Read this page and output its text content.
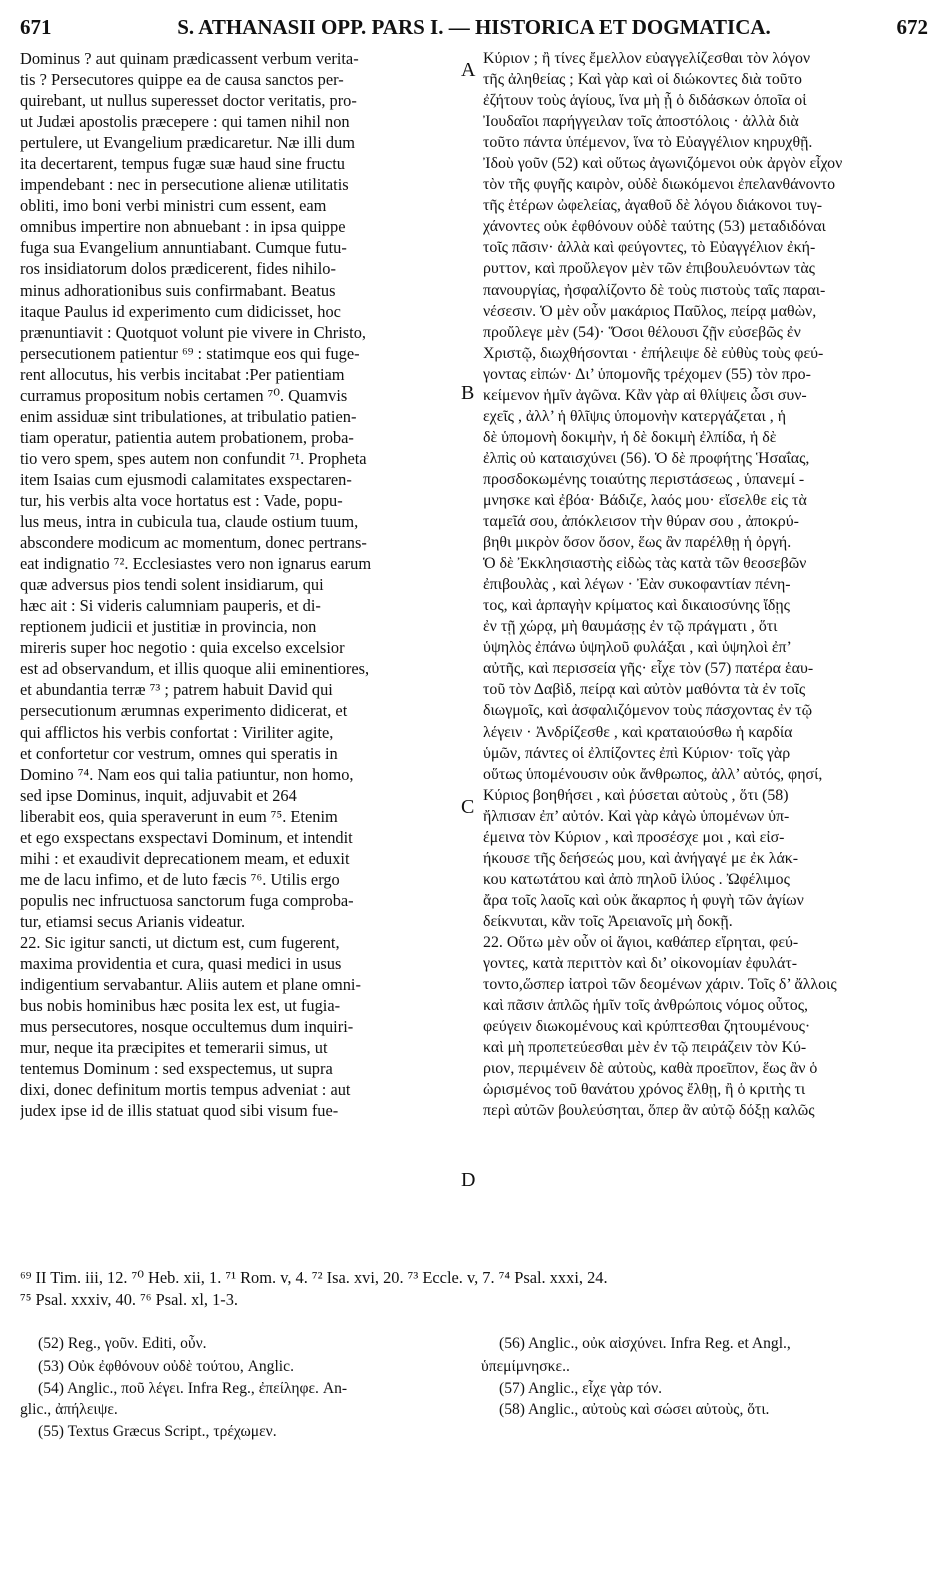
671	S. ATHANASII OPP. PARS I. — HISTORICA ET DOGMATICA.	672
Dominus ? aut quinam prædicassent verbum verita-
tis ? Persecutores quippe ea de causa sanctos per-
quirebant, ut nullus superesset doctor veritatis, pro-
ut Judæi apostolis præcepere : qui tamen nihil non
pertulere, ut Evangelium prædicaretur. Næ illi dum
ita decertarent, tempus fugæ suæ haud sine fructu
impendebant : nec in persecutione alienæ utilitatis
obliti, imo boni verbi ministri cum essent, eam
omnibus impertire non abnuebant : in ipsa quippe
fuga sua Evangelium annuntiabant. Cumque futu-
ros insidiatorum dolos prædicerent, fides nihilo-
minus adhorationibus suis confirmabant. Beatus
itaque Paulus id experimento cum didicisset, hoc
prænuntiavit : Quotquot volunt pie vivere in Christo,
persecutionem patientur ⁶⁹ : statimque eos qui fuge-
rent allocutus, his verbis incitabat :Per patientiam
curramus propositum nobis certamen ⁷⁰. Quamvis
enim assiduæ sint tribulationes, at tribulatio patien-
tiam operatur, patientia autem probationem, proba-
tio vero spem, spes autem non confundit ⁷¹. Propheta
item Isaias cum ejusmodi calamitates exspectaren-
tur, his verbis alta voce hortatus est : Vade, popu-
lus meus, intra in cubicula tua, claude ostium tuum,
abscondere modicum ac momentum, donec pertrans-
eat indignatio ⁷². Ecclesiastes vero non ignarus earum
quæ adversus pios tendi solent insidiarum, qui
hæc ait : Si videris calumniam pauperis, et di-
reptionem judicii et justitiæ in provincia, non
mireris super hoc negotio : quia excelso excelsior
est ad observandum, et illis quoque alii eminentiores,
et abundantia terræ ⁷³ ; patrem habuit David qui
persecutionum ærumnas experimento didicerat, et
qui afflictos his verbis confortat : Viriliter agite,
et confortetur cor vestrum, omnes qui speratis in
Domino ⁷⁴. Nam eos qui talia patiuntur, non homo,
sed ipse Dominus, inquit, adjuvabit et 264
liberabit eos, quia speraverunt in eum ⁷⁵. Etenim
et ego exspectans exspectavi Dominum, et intendit
mihi : et exaudivit deprecationem meam, et eduxit
me de lacu infimo, et de luto fæcis ⁷⁶. Utilis ergo
populis nec infructuosa sanctorum fuga comproba-
tur, etiamsi secus Arianis videatur.
22. Sic igitur sancti, ut dictum est, cum fugerent,
maxima providentia et cura, quasi medici in usus
indigentium servabantur. Aliis autem et plane omni-
bus nobis hominibus hæc posita lex est, ut fugia-
mus persecutores, nosque occultemus dum inquiri-
mur, neque ita præcipites et temerarii simus, ut
tentemus Dominum : sed exspectemus, ut supra
dixi, donec definitum mortis tempus adveniat : aut
judex ipse id de illis statuat quod sibi visum fue-
Κύριον ; ἢ τίνες ἔμελλον εὐαγγελίζεσθαι τὸν λόγον
τῆς ἀληθείας ; Καὶ γὰρ καὶ οἱ διώκοντες διὰ τοῦτο
ἐζήτουν τοὺς ἁγίους, ἵνα μὴ ᾖ ὁ διδάσκων ὁποῖα οἱ
Ἰουδαῖοι παρήγγειλαν τοῖς ἀποστόλοις · ἀλλὰ διὰ
τοῦτο πάντα ὑπέμενον, ἵνα τὸ Εὐαγγέλιον κηρυχθῇ.
Ἰδοὺ γοῦν (52) καὶ οὕτως ἀγωνιζόμενοι οὐκ ἀργὸν εἶχον
τὸν τῆς φυγῆς καιρὸν, οὐδὲ διωκόμενοι ἐπελανθάνοντο
τῆς ἑτέρων ὠφελείας, ἀγαθοῦ δὲ λόγου διάκονοι τυγ-
χάνοντες οὐκ ἐφθόνουν οὐδὲ ταύτης (53) μεταδιδόναι
τοῖς πᾶσιν· ἀλλὰ καὶ φεύγοντες, τὸ Εὐαγγέλιον ἐκή-
ρυττον, καὶ προὔλεγον μὲν τῶν ἐπιβουλευόντων τὰς
πανουργίας, ἠσφαλίζοντο δὲ τοὺς πιστοὺς ταῖς παραι-
νέσεσιν. Ὁ μὲν οὖν μακάριος Παῦλος, πείρᾳ μαθὼν,
προὔλεγε μὲν (54)· Ὅσοι θέλουσι ζῇν εὐσεβῶς ἐν
Χριστῷ, διωχθήσονται · ἐπήλειψε δὲ εὐθὺς τοὺς φεύ-
γοντας εἰπών· Δι’ ὑπομονῆς τρέχομεν (55) τὸν προ-
κείμενον ἡμῖν ἀγῶνα. Κἂν γὰρ αἱ θλίψεις ὦσι συν-
εχεῖς , ἀλλ’ ἡ θλῖψις ὑπομονὴν κατεργάζεται , ἡ
δὲ ὑπομονὴ δοκιμὴν, ἡ δὲ δοκιμὴ ἐλπίδα, ἡ δὲ
ἐλπὶς οὐ καταισχύνει (56). Ὁ δὲ προφήτης Ἡσαΐας,
προσδοκωμένης τοιαύτης περιστάσεως , ὑπανεμί -
μνησκε καὶ ἐβόα· Βάδιζε, λαός μου· εἴσελθε εἰς τὰ
ταμεῖά σου, ἀπόκλεισον τὴν θύραν σου , ἀποκρύ-
βηθι μικρὸν ὅσον ὅσον, ἕως ἂν παρέλθῃ ἡ ὀργή.
Ὁ δὲ Ἐκκλησιαστὴς εἰδὼς τὰς κατὰ τῶν θεοσεβῶν
ἐπιβουλὰς , καὶ λέγων · Ἐὰν συκοφαντίαν πένη-
τος, καὶ ἁρπαγὴν κρίματος καὶ δικαιοσύνης ἴδῃς
ἐν τῇ χώρᾳ, μὴ θαυμάσῃς ἐν τῷ πράγματι , ὅτι
ὑψηλὸς ἐπάνω ὑψηλοῦ φυλάξαι , καὶ ὑψηλοὶ ἐπ’
αὐτῆς, καὶ περισσεία γῆς· εἶχε τὸν (57) πατέρα ἑαυ-
τοῦ τὸν Δαβὶδ, πείρᾳ καὶ αὐτὸν μαθόντα τὰ ἐν τοῖς
διωγμοῖς, καὶ ἀσφαλιζόμενον τοὺς πάσχοντας ἐν τῷ
λέγειν · Ἀνδρίζεσθε , καὶ κραταιούσθω ἡ καρδία
ὑμῶν, πάντες οἱ ἐλπίζοντες ἐπὶ Κύριον· τοῖς γὰρ
οὕτως ὑπομένουσιν οὐκ ἄνθρωπος, ἀλλ’ αὐτός, φησί,
Κύριος βοηθήσει , καὶ ῥύσεται αὐτοὺς , ὅτι (58)
ἤλπισαν ἐπ’ αὐτόν. Καὶ γὰρ κἀγὼ ὑπομένων ὑπ-
έμεινα τὸν Κύριον , καὶ προσέσχε μοι , καὶ εἰσ-
ήκουσε τῆς δεήσεώς μου, καὶ ἀνήγαγέ με ἐκ λάκ-
κου κατωτάτου καὶ ἀπὸ πηλοῦ ἰλύος . Ὠφέλιμος
ἄρα τοῖς λαοῖς καὶ οὐκ ἄκαρπος ἡ φυγὴ τῶν ἁγίων
δείκνυται, κἂν τοῖς Ἀρειανοῖς μὴ δοκῇ.
22. Οὕτω μὲν οὖν οἱ ἅγιοι, καθάπερ εἴρηται, φεύ-
γοντες, κατὰ περιττὸν καὶ δι’ οἰκονομίαν ἐφυλάτ-
τοντο,ὥσπερ ἰατροὶ τῶν δεομένων χάριν. Τοῖς δ’ ἄλλοις
καὶ πᾶσιν ἁπλῶς ἡμῖν τοῖς ἀνθρώποις νόμος οὗτος,
φεύγειν διωκομένους καὶ κρύπτεσθαι ζητουμένους·
καὶ μὴ προπετεύεσθαι μὲν ἐν τῷ πειράζειν τὸν Κύ-
ριον, περιμένειν δὲ αὐτοὺς, καθὰ προεῖπον, ἕως ἂν ὁ
ὡρισμένος τοῦ θανάτου χρόνος ἔλθῃ, ἢ ὁ κριτὴς τι
περὶ αὐτῶν βουλεύσηται, ὅπερ ἂν αὐτῷ δόξῃ καλῶς
A
B
C
D
⁶⁹ II Tim. iii, 12. ⁷⁰ Heb. xii, 1. ⁷¹ Rom. v, 4. ⁷² Isa. xvi, 20. ⁷³ Eccle. v, 7. ⁷⁴ Psal. xxxi, 24.
⁷⁵ Psal. xxxiv, 40. ⁷⁶ Psal. xl, 1-3.
(52) Reg., γοῦν. Editi, οὖν.
(53) Οὐκ ἐφθόνουν οὐδὲ τούτου, Anglic.
(54) Anglic., ποῦ λέγει. Infra Reg., ἐπείληφε. An-
glic., ἀπήλειψε.
(55) Textus Græcus Script., τρέχωμεν.
(56) Anglic., οὐκ αἰσχύνει. Infra Reg. et Angl.,
ὑπεμίμνησκε..
(57) Anglic., εἶχε γὰρ τόν.
(58) Anglic., αὐτοὺς καὶ σώσει αὐτοὺς, ὅτι.
